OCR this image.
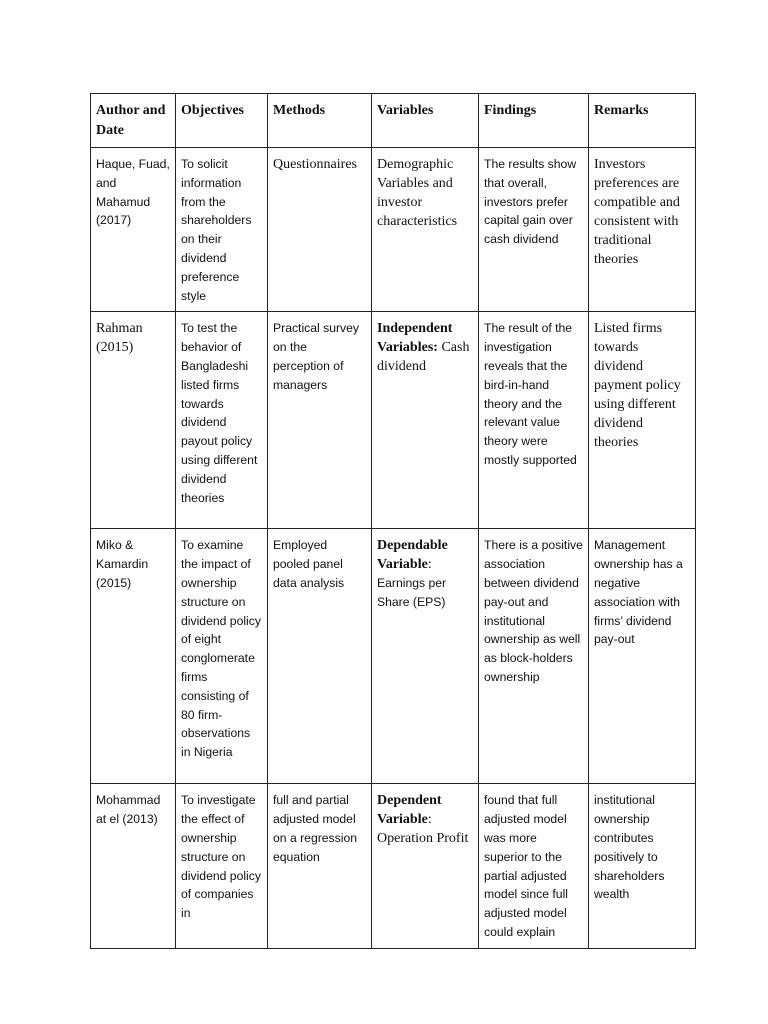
Author and Date	Objectives	Methods	Variables	Findings	Remarks
Haque, Fuad, and Mahamud (2017)	To solicit information from the shareholders on their dividend preference style	Questionnaires	Demographic Variables and investor characteristics	The results show that overall, investors prefer capital gain over cash dividend	Investors preferences are compatible and consistent with traditional theories
Rahman (2015)	To test the behavior of Bangladeshi listed firms towards dividend payout policy using different dividend theories	Practical survey on the perception of managers	Independent Variables: Cash dividend	The result of the investigation reveals that the bird-in-hand theory and the relevant value theory were mostly supported	Listed firms towards dividend payment policy using different dividend theories
Miko & Kamardin (2015)	To examine the impact of ownership structure on dividend policy of eight conglomerate firms consisting of 80 firm-observations in Nigeria	Employed pooled panel data analysis	Dependable Variable: Earnings per Share (EPS)	There is a positive association between dividend pay-out and institutional ownership as well as block-holders ownership	Management ownership has a negative association with firms’ dividend pay-out
Mohammad at el (2013)	To investigate the effect of ownership structure on dividend policy of companies in	full and partial adjusted model on a regression equation	Dependent Variable: Operation Profit	found that full adjusted model was more superior to the partial adjusted model since full adjusted model could explain	institutional ownership contributes positively to shareholders wealth
